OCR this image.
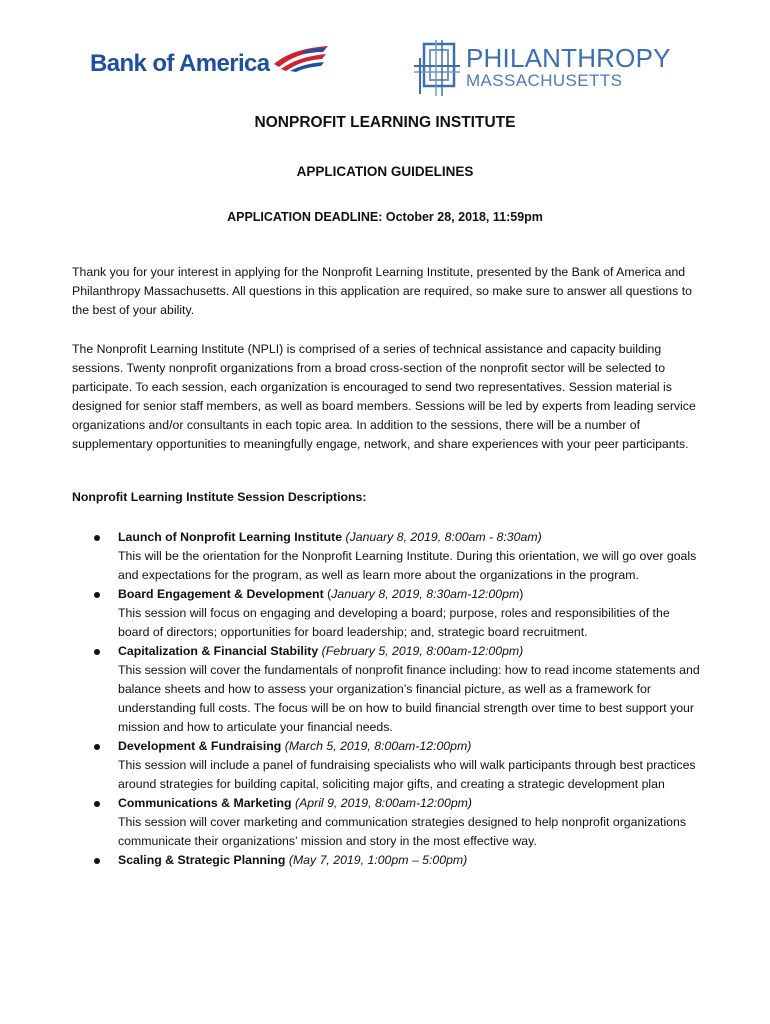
Bank of America	PHILANTHROPY
MASSACHUSETTS
NONPROFIT LEARNING INSTITUTE
APPLICATION GUIDELINES
APPLICATION DEADLINE: October 28, 2018, 11:59pm
Thank you for your interest in applying for the Nonprofit Learning Institute, presented by the Bank of America and Philanthropy Massachusetts. All questions in this application are required, so make sure to answer all questions to the best of your ability.
The Nonprofit Learning Institute (NPLI) is comprised of a series of technical assistance and capacity building sessions. Twenty nonprofit organizations from a broad cross-section of the nonprofit sector will be selected to participate. To each session, each organization is encouraged to send two representatives. Session material is designed for senior staff members, as well as board members. Sessions will be led by experts from leading service organizations and/or consultants in each topic area. In addition to the sessions, there will be a number of supplementary opportunities to meaningfully engage, network, and share experiences with your peer participants.
Nonprofit Learning Institute Session Descriptions:
Launch of Nonprofit Learning Institute (January 8, 2019, 8:00am - 8:30am)
This will be the orientation for the Nonprofit Learning Institute. During this orientation, we will go over goals and expectations for the program, as well as learn more about the organizations in the program.
Board Engagement & Development (January 8, 2019, 8:30am-12:00pm)
This session will focus on engaging and developing a board; purpose, roles and responsibilities of the board of directors; opportunities for board leadership; and, strategic board recruitment.
Capitalization & Financial Stability (February 5, 2019, 8:00am-12:00pm)
This session will cover the fundamentals of nonprofit finance including: how to read income statements and balance sheets and how to assess your organization’s financial picture, as well as a framework for understanding full costs. The focus will be on how to build financial strength over time to best support your mission and how to articulate your financial needs.
Development & Fundraising (March 5, 2019, 8:00am-12:00pm)
This session will include a panel of fundraising specialists who will walk participants through best practices around strategies for building capital, soliciting major gifts, and creating a strategic development plan
Communications & Marketing (April 9, 2019, 8:00am-12:00pm)
This session will cover marketing and communication strategies designed to help nonprofit organizations communicate their organizations’ mission and story in the most effective way.
Scaling & Strategic Planning (May 7, 2019, 1:00pm – 5:00pm)
